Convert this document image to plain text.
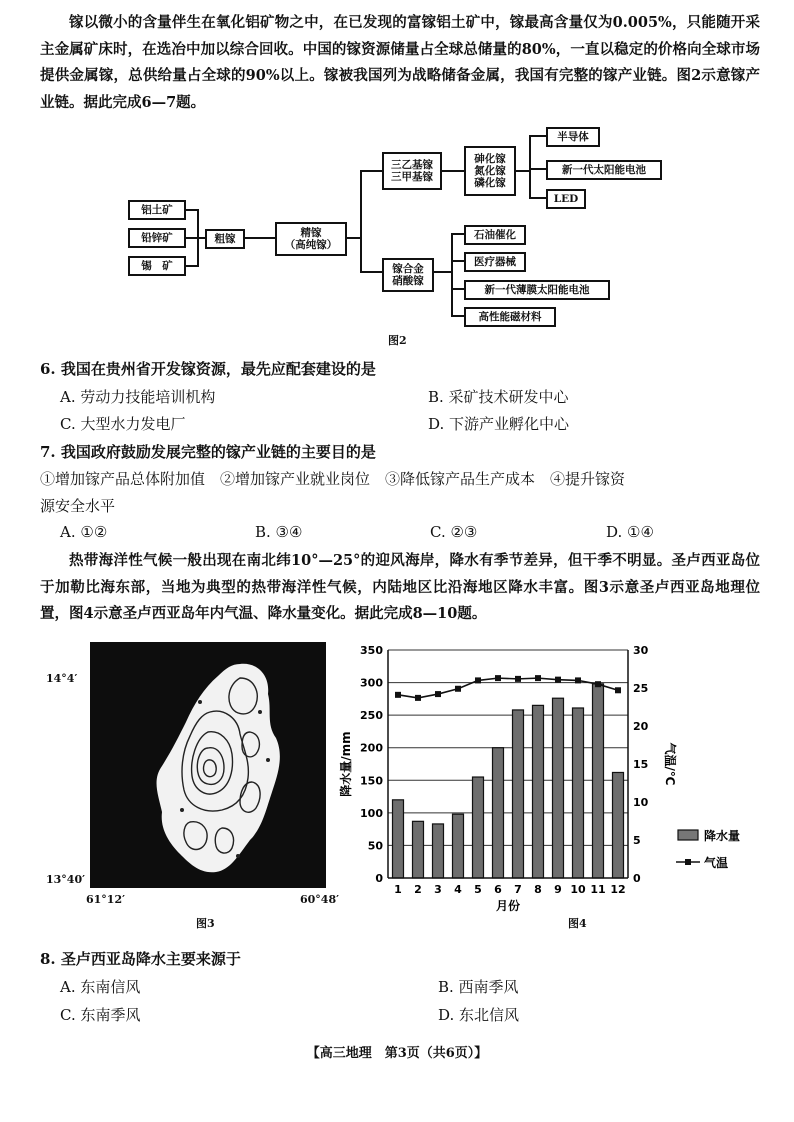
镓以微小的含量伴生在氧化铝矿物之中，在已发现的富镓铝土矿中，镓最高含量仅为0.005%，只能随开采主金属矿床时，在选冶中加以综合回收。中国的镓资源储量占全球总储量的80%，一直以稳定的价格向全球市场提供金属镓，总供给量占全球的90%以上。镓被我国列为战略储备金属，我国有完整的镓产业链。图2示意镓产业链。据此完成6—7题。
铝土矿
铅锌矿
锡　矿
粗镓	精镓
（高纯镓）
三乙基镓
三甲基镓
砷化镓
氮化镓
磷化镓
半导体
新一代太阳能电池
LED
镓合金
硝酸镓
石油催化
医疗器械
新一代薄膜太阳能电池
高性能磁材料
图2
6. 我国在贵州省开发镓资源，最先应配套建设的是
A. 劳动力技能培训机构	B. 采矿技术研发中心
C. 大型水力发电厂	D. 下游产业孵化中心
7. 我国政府鼓励发展完整的镓产业链的主要目的是
①增加镓产品总体附加值　②增加镓产业就业岗位　③降低镓产品生产成本　④提升镓资
源安全水平
A. ①②	B. ③④	C. ②③	D. ①④
热带海洋性气候一般出现在南北纬10°—25°的迎风海岸，降水有季节差异，但干季不明显。圣卢西亚岛位于加勒比海东部，当地为典型的热带海洋性气候，内陆地区比沿海地区降水丰富。图3示意圣卢西亚岛地理位置，图4示意圣卢西亚岛年内气温、降水量变化。据此完成8—10题。
14°4′
13°40′
61°12′	60°48′
图3
0
50
100
150
200
250
300
350
0
5
10
15
20
25
30
1 2 3 4 5 6 7 8 9 10 11 12
降水量/mm	气温/℃
月份
降水量
气温
图4
8. 圣卢西亚岛降水主要来源于
A. 东南信风	B. 西南季风
C. 东南季风	D. 东北信风
【高三地理　第3页（共6页）】
